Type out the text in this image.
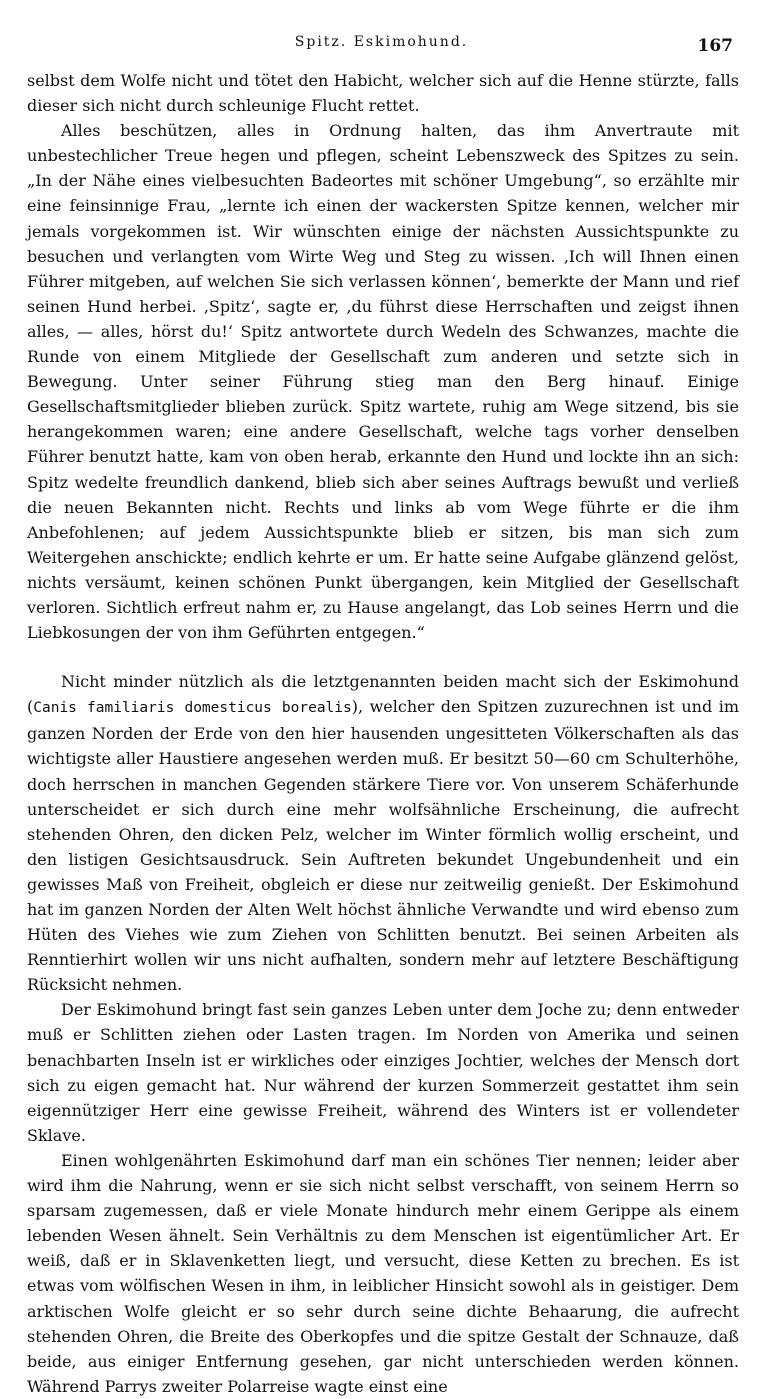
Spitz. Eskimohund.	167

selbst dem Wolfe nicht und tötet den Habicht, welcher sich auf die Henne stürzte, falls dieser sich nicht durch schleunige Flucht rettet.

Alles beschützen, alles in Ordnung halten, das ihm Anvertraute mit unbestechlicher Treue hegen und pflegen, scheint Lebenszweck des Spitzes zu sein. „In der Nähe eines vielbesuchten Badeortes mit schöner Umgebung“, so erzählte mir eine feinsinnige Frau, „lernte ich einen der wackersten Spitze kennen, welcher mir jemals vorgekommen ist. Wir wünschten einige der nächsten Aussichtspunkte zu besuchen und verlangten vom Wirte Weg und Steg zu wissen. ‚Ich will Ihnen einen Führer mitgeben, auf welchen Sie sich verlassen können‘, bemerkte der Mann und rief seinen Hund herbei. ‚Spitz‘, sagte er, ‚du führst diese Herrschaften und zeigst ihnen alles, — alles, hörst du!‘ Spitz antwortete durch Wedeln des Schwanzes, machte die Runde von einem Mitgliede der Gesellschaft zum anderen und setzte sich in Bewegung. Unter seiner Führung stieg man den Berg hinauf. Einige Gesellschaftsmitglieder blieben zurück. Spitz wartete, ruhig am Wege sitzend, bis sie herangekommen waren; eine andere Gesellschaft, welche tags vorher denselben Führer benutzt hatte, kam von oben herab, erkannte den Hund und lockte ihn an sich: Spitz wedelte freundlich dankend, blieb sich aber seines Auftrags bewußt und verließ die neuen Bekannten nicht. Rechts und links ab vom Wege führte er die ihm Anbefohlenen; auf jedem Aussichtspunkte blieb er sitzen, bis man sich zum Weitergehen anschickte; endlich kehrte er um. Er hatte seine Aufgabe glänzend gelöst, nichts versäumt, keinen schönen Punkt übergangen, kein Mitglied der Gesellschaft verloren. Sichtlich erfreut nahm er, zu Hause angelangt, das Lob seines Herrn und die Liebkosungen der von ihm Geführten entgegen.“

Nicht minder nützlich als die letztgenannten beiden macht sich der Eskimohund (Canis familiaris domesticus borealis), welcher den Spitzen zuzurechnen ist und im ganzen Norden der Erde von den hier hausenden ungesitteten Völkerschaften als das wichtigste aller Haustiere angesehen werden muß. Er besitzt 50—60 cm Schulterhöhe, doch herrschen in manchen Gegenden stärkere Tiere vor. Von unserem Schäferhunde unterscheidet er sich durch eine mehr wolfsähnliche Erscheinung, die aufrecht stehenden Ohren, den dicken Pelz, welcher im Winter förmlich wollig erscheint, und den listigen Gesichtsausdruck. Sein Auftreten bekundet Ungebundenheit und ein gewisses Maß von Freiheit, obgleich er diese nur zeitweilig genießt. Der Eskimohund hat im ganzen Norden der Alten Welt höchst ähnliche Verwandte und wird ebenso zum Hüten des Viehes wie zum Ziehen von Schlitten benutzt. Bei seinen Arbeiten als Renntierhirt wollen wir uns nicht aufhalten, sondern mehr auf letztere Beschäftigung Rücksicht nehmen.

Der Eskimohund bringt fast sein ganzes Leben unter dem Joche zu; denn entweder muß er Schlitten ziehen oder Lasten tragen. Im Norden von Amerika und seinen benachbarten Inseln ist er wirkliches oder einziges Jochtier, welches der Mensch dort sich zu eigen gemacht hat. Nur während der kurzen Sommerzeit gestattet ihm sein eigennütziger Herr eine gewisse Freiheit, während des Winters ist er vollendeter Sklave.

Einen wohlgenährten Eskimohund darf man ein schönes Tier nennen; leider aber wird ihm die Nahrung, wenn er sie sich nicht selbst verschafft, von seinem Herrn so sparsam zugemessen, daß er viele Monate hindurch mehr einem Gerippe als einem lebenden Wesen ähnelt. Sein Verhältnis zu dem Menschen ist eigentümlicher Art. Er weiß, daß er in Sklavenketten liegt, und versucht, diese Ketten zu brechen. Es ist etwas vom wölfischen Wesen in ihm, in leiblicher Hinsicht sowohl als in geistiger. Dem arktischen Wolfe gleicht er so sehr durch seine dichte Behaarung, die aufrecht stehenden Ohren, die Breite des Oberkopfes und die spitze Gestalt der Schnauze, daß beide, aus einiger Entfernung gesehen, gar nicht unterschieden werden können. Während Parrys zweiter Polarreise wagte einst eine
